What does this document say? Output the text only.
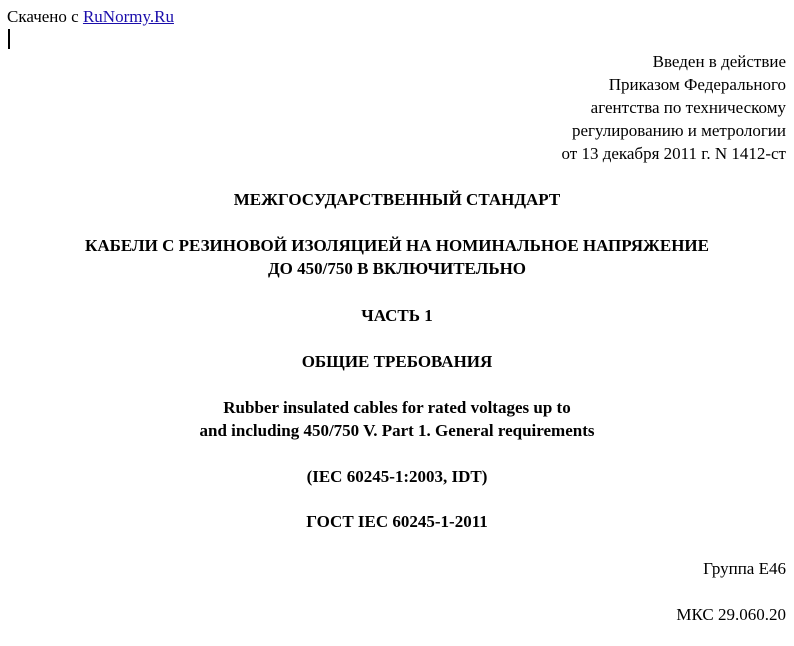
Скачено с RuNormy.Ru
Введен в действие
Приказом Федерального
агентства по техническому
регулированию и метрологии
от 13 декабря 2011 г. N 1412-ст
МЕЖГОСУДАРСТВЕННЫЙ СТАНДАРТ
КАБЕЛИ С РЕЗИНОВОЙ ИЗОЛЯЦИЕЙ НА НОМИНАЛЬНОЕ НАПРЯЖЕНИЕ
ДО 450/750 В ВКЛЮЧИТЕЛЬНО
ЧАСТЬ 1
ОБЩИЕ ТРЕБОВАНИЯ
Rubber insulated cables for rated voltages up to
and including 450/750 V. Part 1. General requirements
(IEC 60245-1:2003, IDT)
ГОСТ IEC 60245-1-2011
Группа Е46
МКС 29.060.20
